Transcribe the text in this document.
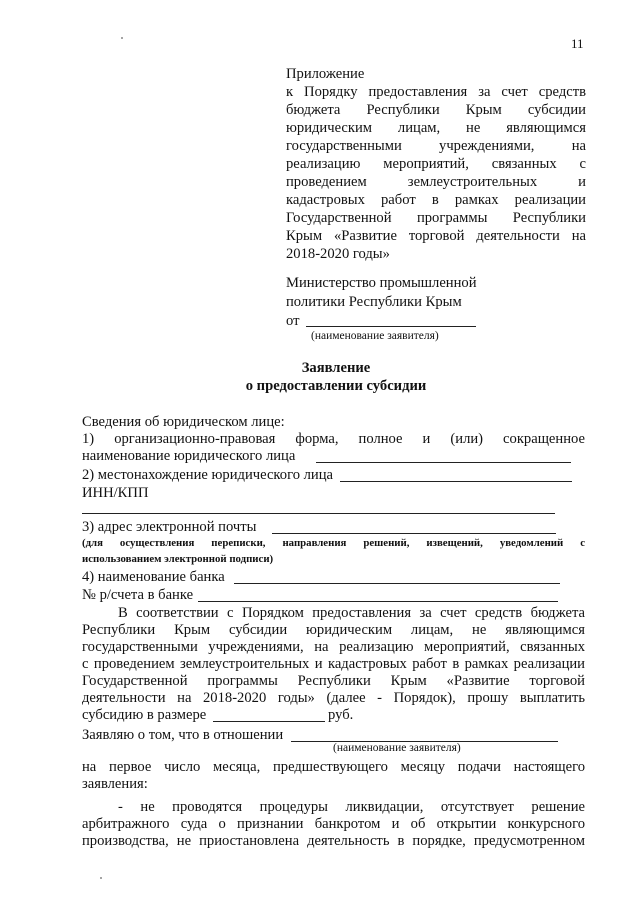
11
Приложение
к Порядку предоставления за счет средств
бюджета Республики Крым субсидии
юридическим лицам, не являющимся
государственными учреждениями, на
реализацию мероприятий, связанных с
проведением землеустроительных и
кадастровых работ в рамках реализации
Государственной программы Республики
Крым «Развитие торговой деятельности на
2018-2020 годы»
Министерство промышленной
политики Республики Крым
от
(наименование заявителя)
Заявление
о предоставлении субсидии
Сведения об юридическом лице:
1) организационно-правовая форма, полное и (или) сокращенное
наименование юридического лица
2) местонахождение юридического лица
ИНН/КПП
3) адрес электронной почты
(для осуществления переписки, направления решений, извещений, уведомлений с
использованием электронной подписи)
4) наименование банка
№ р/счета в банке
В соответствии с Порядком предоставления за счет средств бюджета
Республики Крым субсидии юридическим лицам, не являющимся
государственными учреждениями, на реализацию мероприятий, связанных
с проведением землеустроительных и кадастровых работ в рамках реализации
Государственной программы Республики Крым «Развитие торговой
деятельности на 2018-2020 годы» (далее - Порядок), прошу выплатить
субсидию в размере	руб.
Заявляю о том, что в отношении
(наименование заявителя)
на первое число месяца, предшествующего месяцу подачи настоящего
заявления:
- не проводятся процедуры ликвидации, отсутствует решение
арбитражного суда о признании банкротом и об открытии конкурсного
производства, не приостановлена деятельность в порядке, предусмотренном
